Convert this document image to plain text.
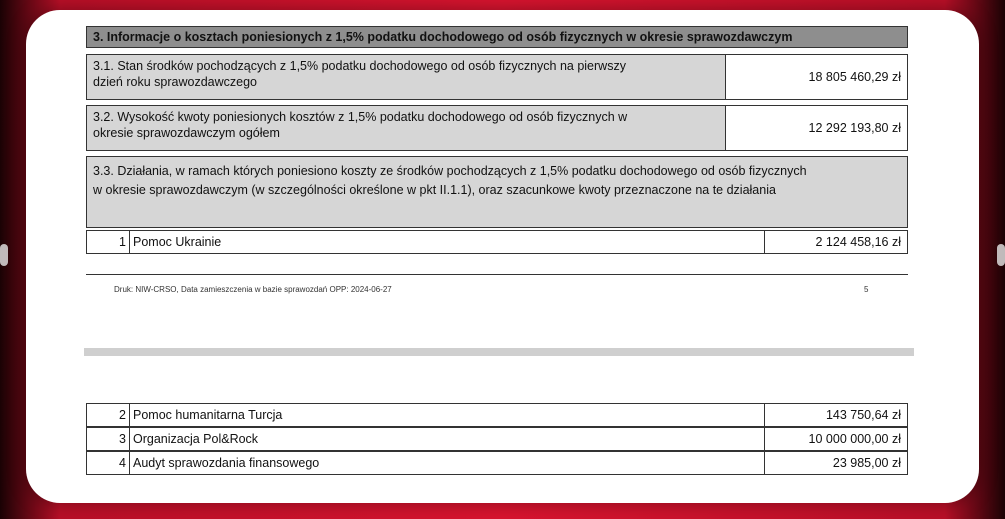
3. Informacje o kosztach poniesionych z 1,5% podatku dochodowego od osób fizycznych w okresie sprawozdawczym
3.1. Stan środków pochodzących z 1,5% podatku dochodowego od osób fizycznych na pierwszy
dzień roku sprawozdawczego	18 805 460,29 zł
3.2. Wysokość kwoty poniesionych kosztów z 1,5% podatku dochodowego od osób fizycznych w
okresie sprawozdawczym ogółem	12 292 193,80 zł
3.3. Działania, w ramach których poniesiono koszty ze środków pochodzących z 1,5% podatku dochodowego od osób fizycznych
w okresie sprawozdawczym (w szczególności określone w pkt II.1.1), oraz szacunkowe kwoty przeznaczone na te działania
1 Pomoc Ukrainie	2 124 458,16 zł
Druk: NIW-CRSO, Data zamieszczenia w bazie sprawozdań OPP: 2024-06-27	5
2 Pomoc humanitarna Turcja	143 750,64 zł
3 Organizacja Pol&Rock	10 000 000,00 zł
4 Audyt sprawozdania finansowego	23 985,00 zł
